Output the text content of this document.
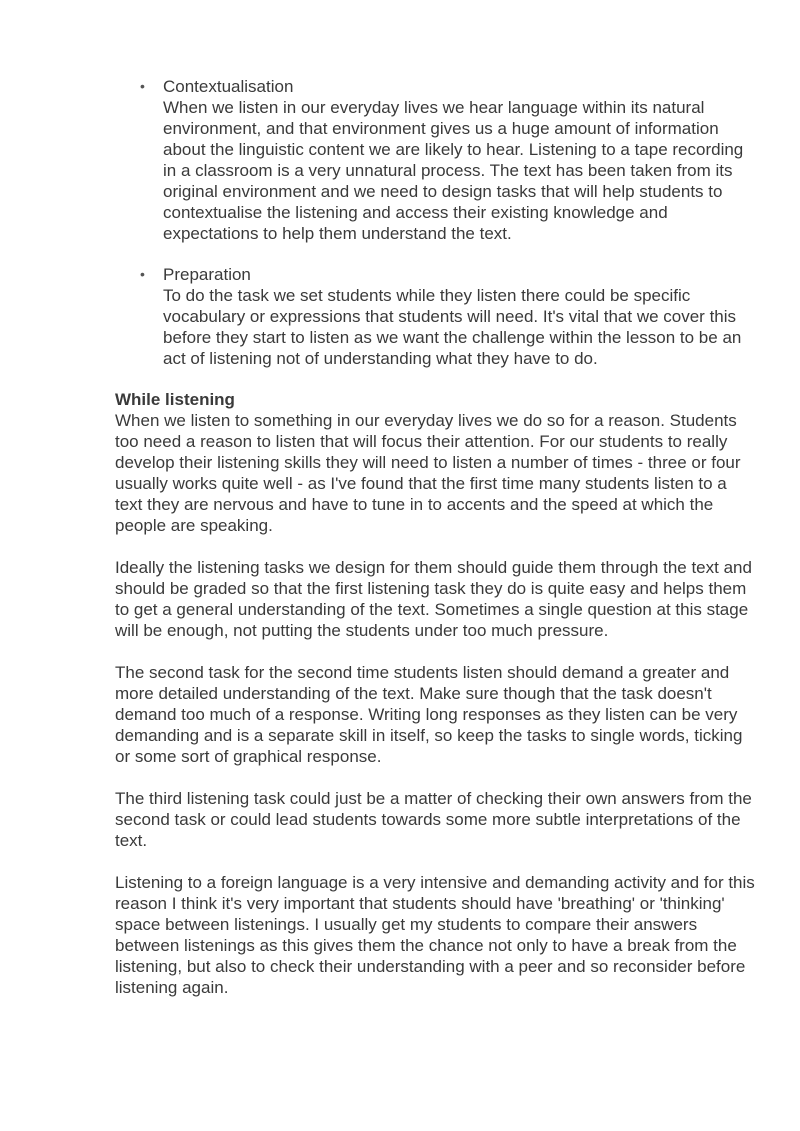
• Contextualisation
When we listen in our everyday lives we hear language within its natural environment, and that environment gives us a huge amount of information about the linguistic content we are likely to hear. Listening to a tape recording in a classroom is a very unnatural process. The text has been taken from its original environment and we need to design tasks that will help students to contextualise the listening and access their existing knowledge and expectations to help them understand the text.
• Preparation
To do the task we set students while they listen there could be specific vocabulary or expressions that students will need. It's vital that we cover this before they start to listen as we want the challenge within the lesson to be an act of listening not of understanding what they have to do.
While listening

When we listen to something in our everyday lives we do so for a reason. Students too need a reason to listen that will focus their attention. For our students to really develop their listening skills they will need to listen a number of times - three or four usually works quite well - as I've found that the first time many students listen to a text they are nervous and have to tune in to accents and the speed at which the people are speaking.

Ideally the listening tasks we design for them should guide them through the text and should be graded so that the first listening task they do is quite easy and helps them to get a general understanding of the text. Sometimes a single question at this stage will be enough, not putting the students under too much pressure.

The second task for the second time students listen should demand a greater and more detailed understanding of the text. Make sure though that the task doesn't demand too much of a response. Writing long responses as they listen can be very demanding and is a separate skill in itself, so keep the tasks to single words, ticking or some sort of graphical response.

The third listening task could just be a matter of checking their own answers from the second task or could lead students towards some more subtle interpretations of the text.

Listening to a foreign language is a very intensive and demanding activity and for this reason I think it's very important that students should have 'breathing' or 'thinking' space between listenings. I usually get my students to compare their answers between listenings as this gives them the chance not only to have a break from the listening, but also to check their understanding with a peer and so reconsider before listening again.
